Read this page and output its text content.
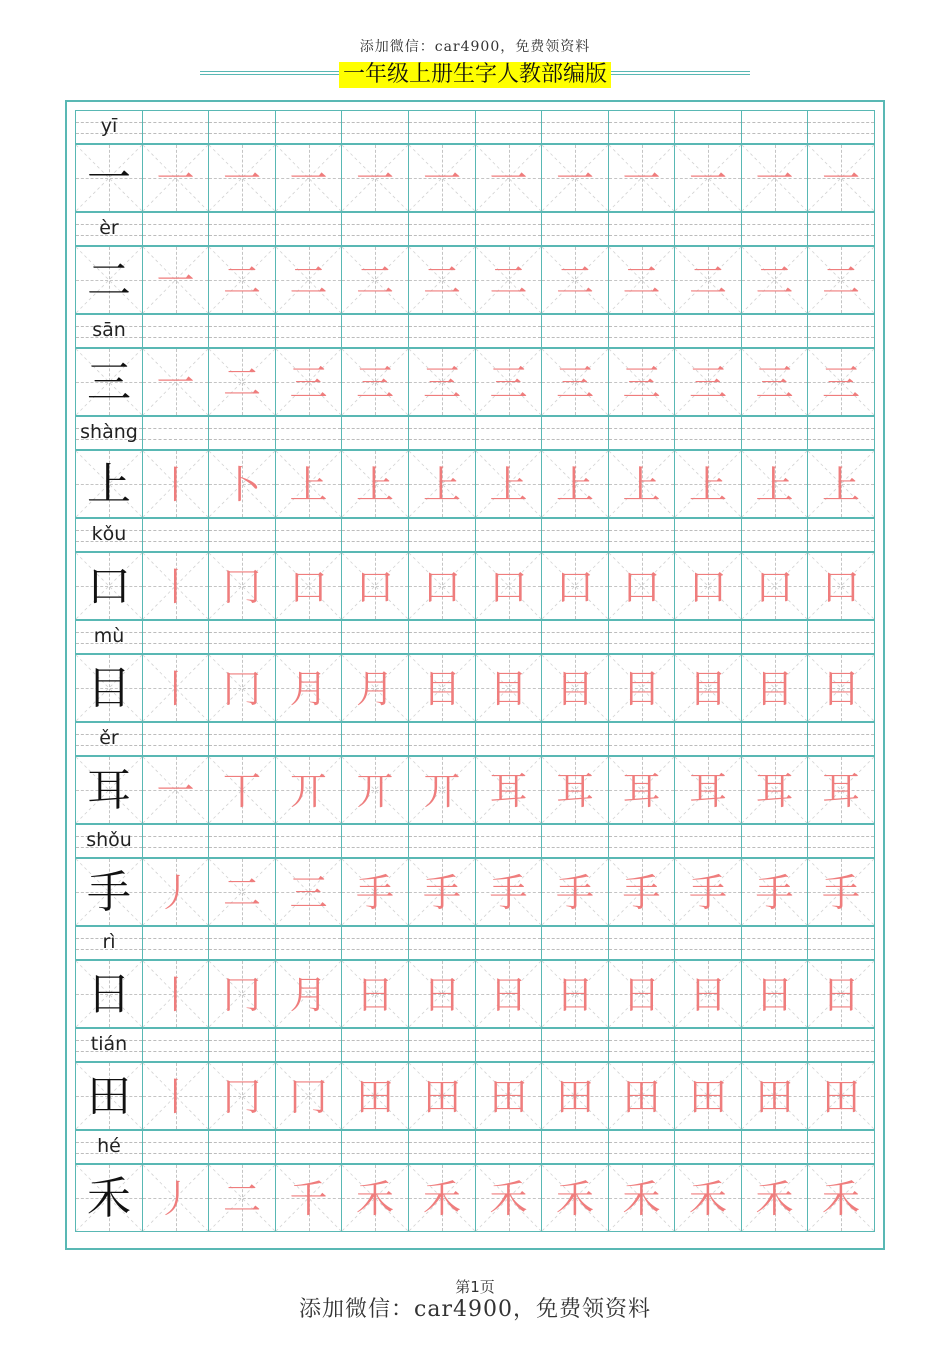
添加微信：car4900，免费领资料
一年级上册生字人教部编版
yī
一 一 一 一 一 一 一 一 一 一 一 一
èr
二 一 二 二 二 二 二 二 二 二 二 二
sān
三 一 二 三 三 三 三 三 三 三 三 三
shàng
上 丨 卜 上 上 上 上 上 上 上 上 上
kǒu
口 丨 冂 口 口 口 口 口 口 口 口 口
mù
目 丨 冂 月 月 目 目 目 目 目 目 目
ěr
耳 一 丅 丌 丌 丌 耳 耳 耳 耳 耳 耳
shǒu
手 丿 二 三 手 手 手 手 手 手 手 手
rì
日 丨 冂 月 日 日 日 日 日 日 日 日
tián
田 丨 冂 冂 田 田 田 田 田 田 田 田
hé
禾 丿 二 千 禾 禾 禾 禾 禾 禾 禾 禾
第1页
添加微信：car4900，免费领资料
